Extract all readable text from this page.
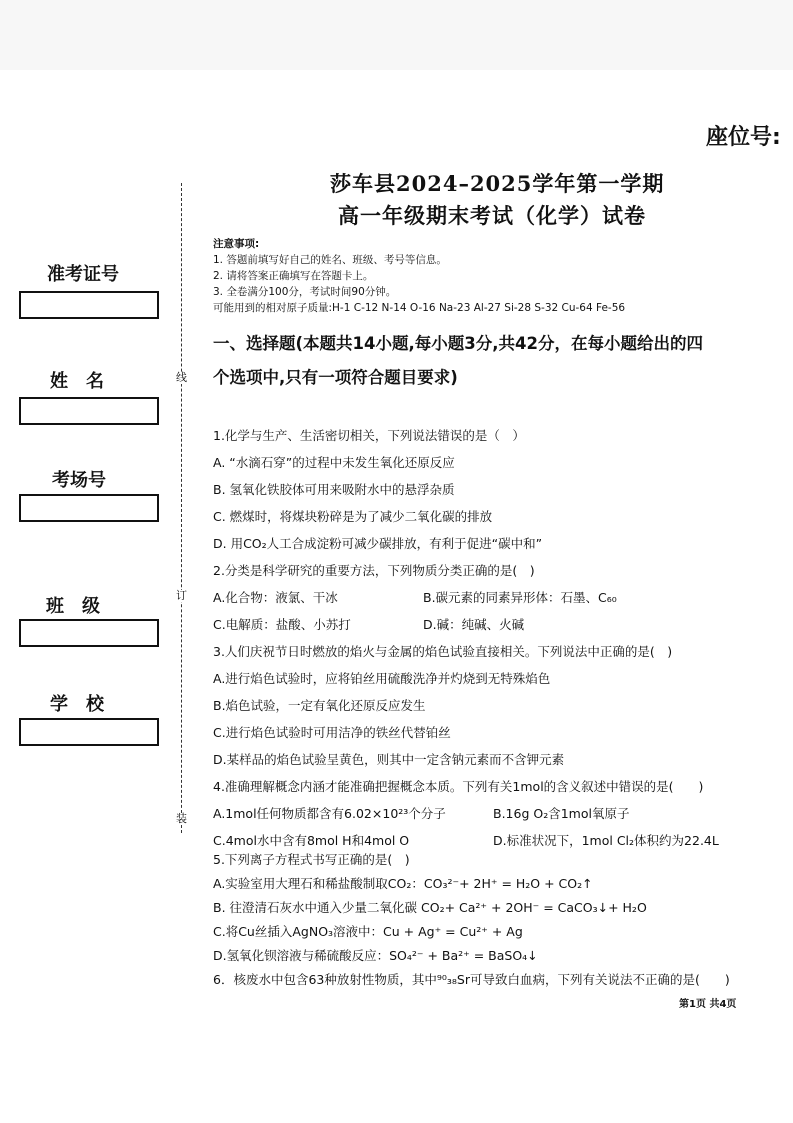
座位号:
莎车县2024–2025学年第一学期
高一年级期末考试（化学）试卷
线
订
装
准考证号
姓　名
考场号
班　级
学　校
注意事项:
1. 答题前填写好自己的姓名、班级、考号等信息。
2. 请将答案正确填写在答题卡上。
3. 全卷满分100分，考试时间90分钟。
可能用到的相对原子质量:H-1 C-12 N-14 O-16 Na-23 Al-27 Si-28 S-32 Cu-64 Fe-56
一、选择题(本题共14小题,每小题3分,共42分，在每小题给出的四
个选项中,只有一项符合题目要求)
1.化学与生产、生活密切相关，下列说法错误的是（　）
A. “水滴石穿”的过程中未发生氧化还原反应
B. 氢氧化铁胶体可用来吸附水中的悬浮杂质
C. 燃煤时，将煤块粉碎是为了减少二氧化碳的排放
D. 用CO₂人工合成淀粉可减少碳排放，有利于促进“碳中和”
2.分类是科学研究的重要方法，下列物质分类正确的是(　)
A.化合物：液氯、干冰	B.碳元素的同素异形体：石墨、C₆₀
C.电解质：盐酸、小苏打	D.碱：纯碱、火碱
3.人们庆祝节日时燃放的焰火与金属的焰色试验直接相关。下列说法中正确的是(　)
A.进行焰色试验时，应将铂丝用硫酸洗净并灼烧到无特殊焰色
B.焰色试验，一定有氧化还原反应发生
C.进行焰色试验时可用洁净的铁丝代替铂丝
D.某样品的焰色试验呈黄色，则其中一定含钠元素而不含钾元素
4.准确理解概念内涵才能准确把握概念本质。下列有关1mol的含义叙述中错误的是(　　)
A.1mol任何物质都含有6.02×10²³个分子	B.16g O₂含1mol氧原子
C.4mol水中含有8mol H和4mol O	D.标准状况下，1mol Cl₂体积约为22.4L
5.下列离子方程式书写正确的是(　)
A.实验室用大理石和稀盐酸制取CO₂：CO₃²⁻+ 2H⁺ = H₂O + CO₂↑
B. 往澄清石灰水中通入少量二氧化碳 CO₂+ Ca²⁺ + 2OH⁻ = CaCO₃↓+ H₂O
C.将Cu丝插入AgNO₃溶液中：Cu + Ag⁺ = Cu²⁺ + Ag
D.氢氧化钡溶液与稀硫酸反应：SO₄²⁻ + Ba²⁺ = BaSO₄↓
6．核废水中包含63种放射性物质，其中⁹⁰₃₈Sr可导致白血病，下列有关说法不正确的是(　　)
第1页 共4页
